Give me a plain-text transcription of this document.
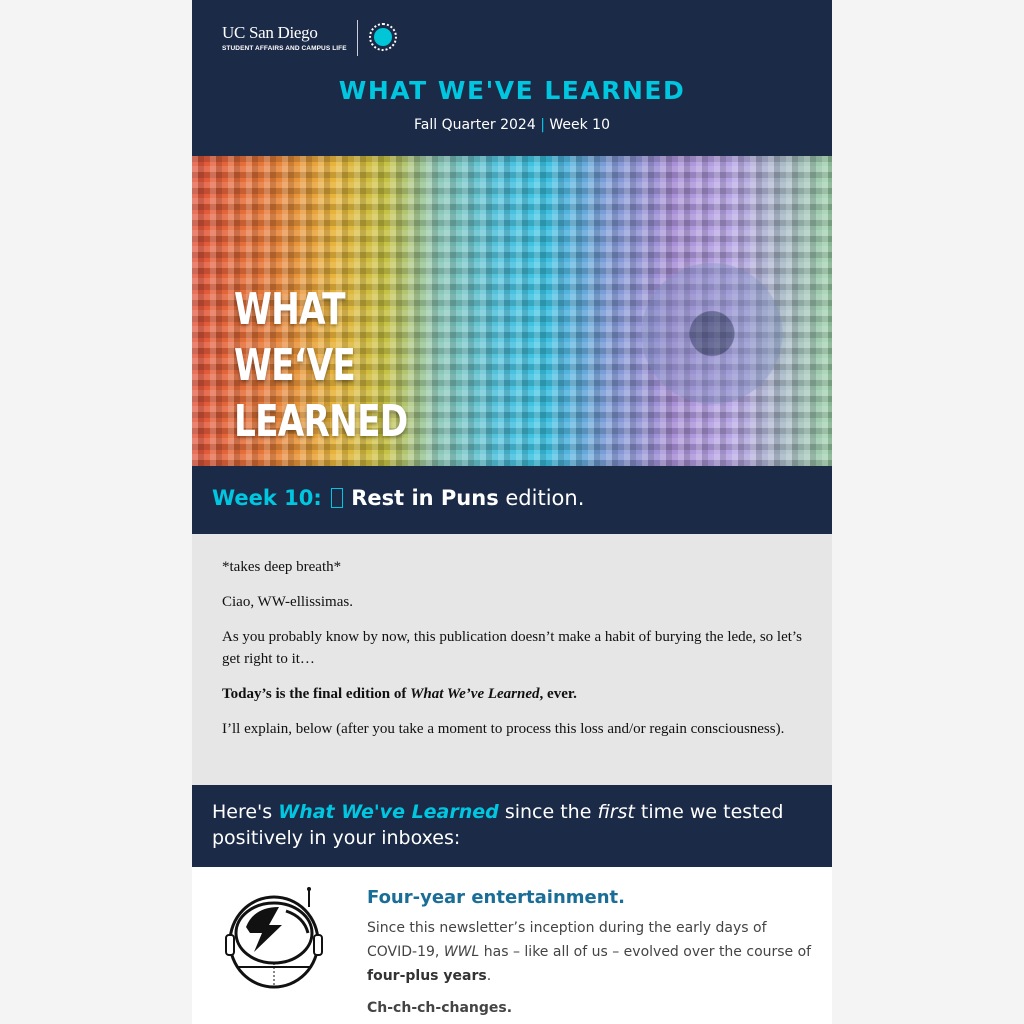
UC San Diego
STUDENT AFFAIRS AND CAMPUS LIFE
WHAT WE'VE LEARNED
Fall Quarter 2024 | Week 10
WHAT
WE‘VE
LEARNED
Week 10: Rest in Puns edition.

*takes deep breath*

Ciao, WW-ellissimas.

As you probably know by now, this publication doesn’t make a habit of burying the lede, so let’s get right to it…

Today’s is the final edition of What We’ve Learned, ever.

I’ll explain, below (after you take a moment to process this loss and/or regain consciousness).

Here's What We've Learned since the first time we tested positively in your inboxes:
Four-year entertainment.
Since this newsletter’s inception during the early days of COVID-19, WWL has – like all of us – evolved over the course of four-plus years.
Ch-ch-ch-changes.
